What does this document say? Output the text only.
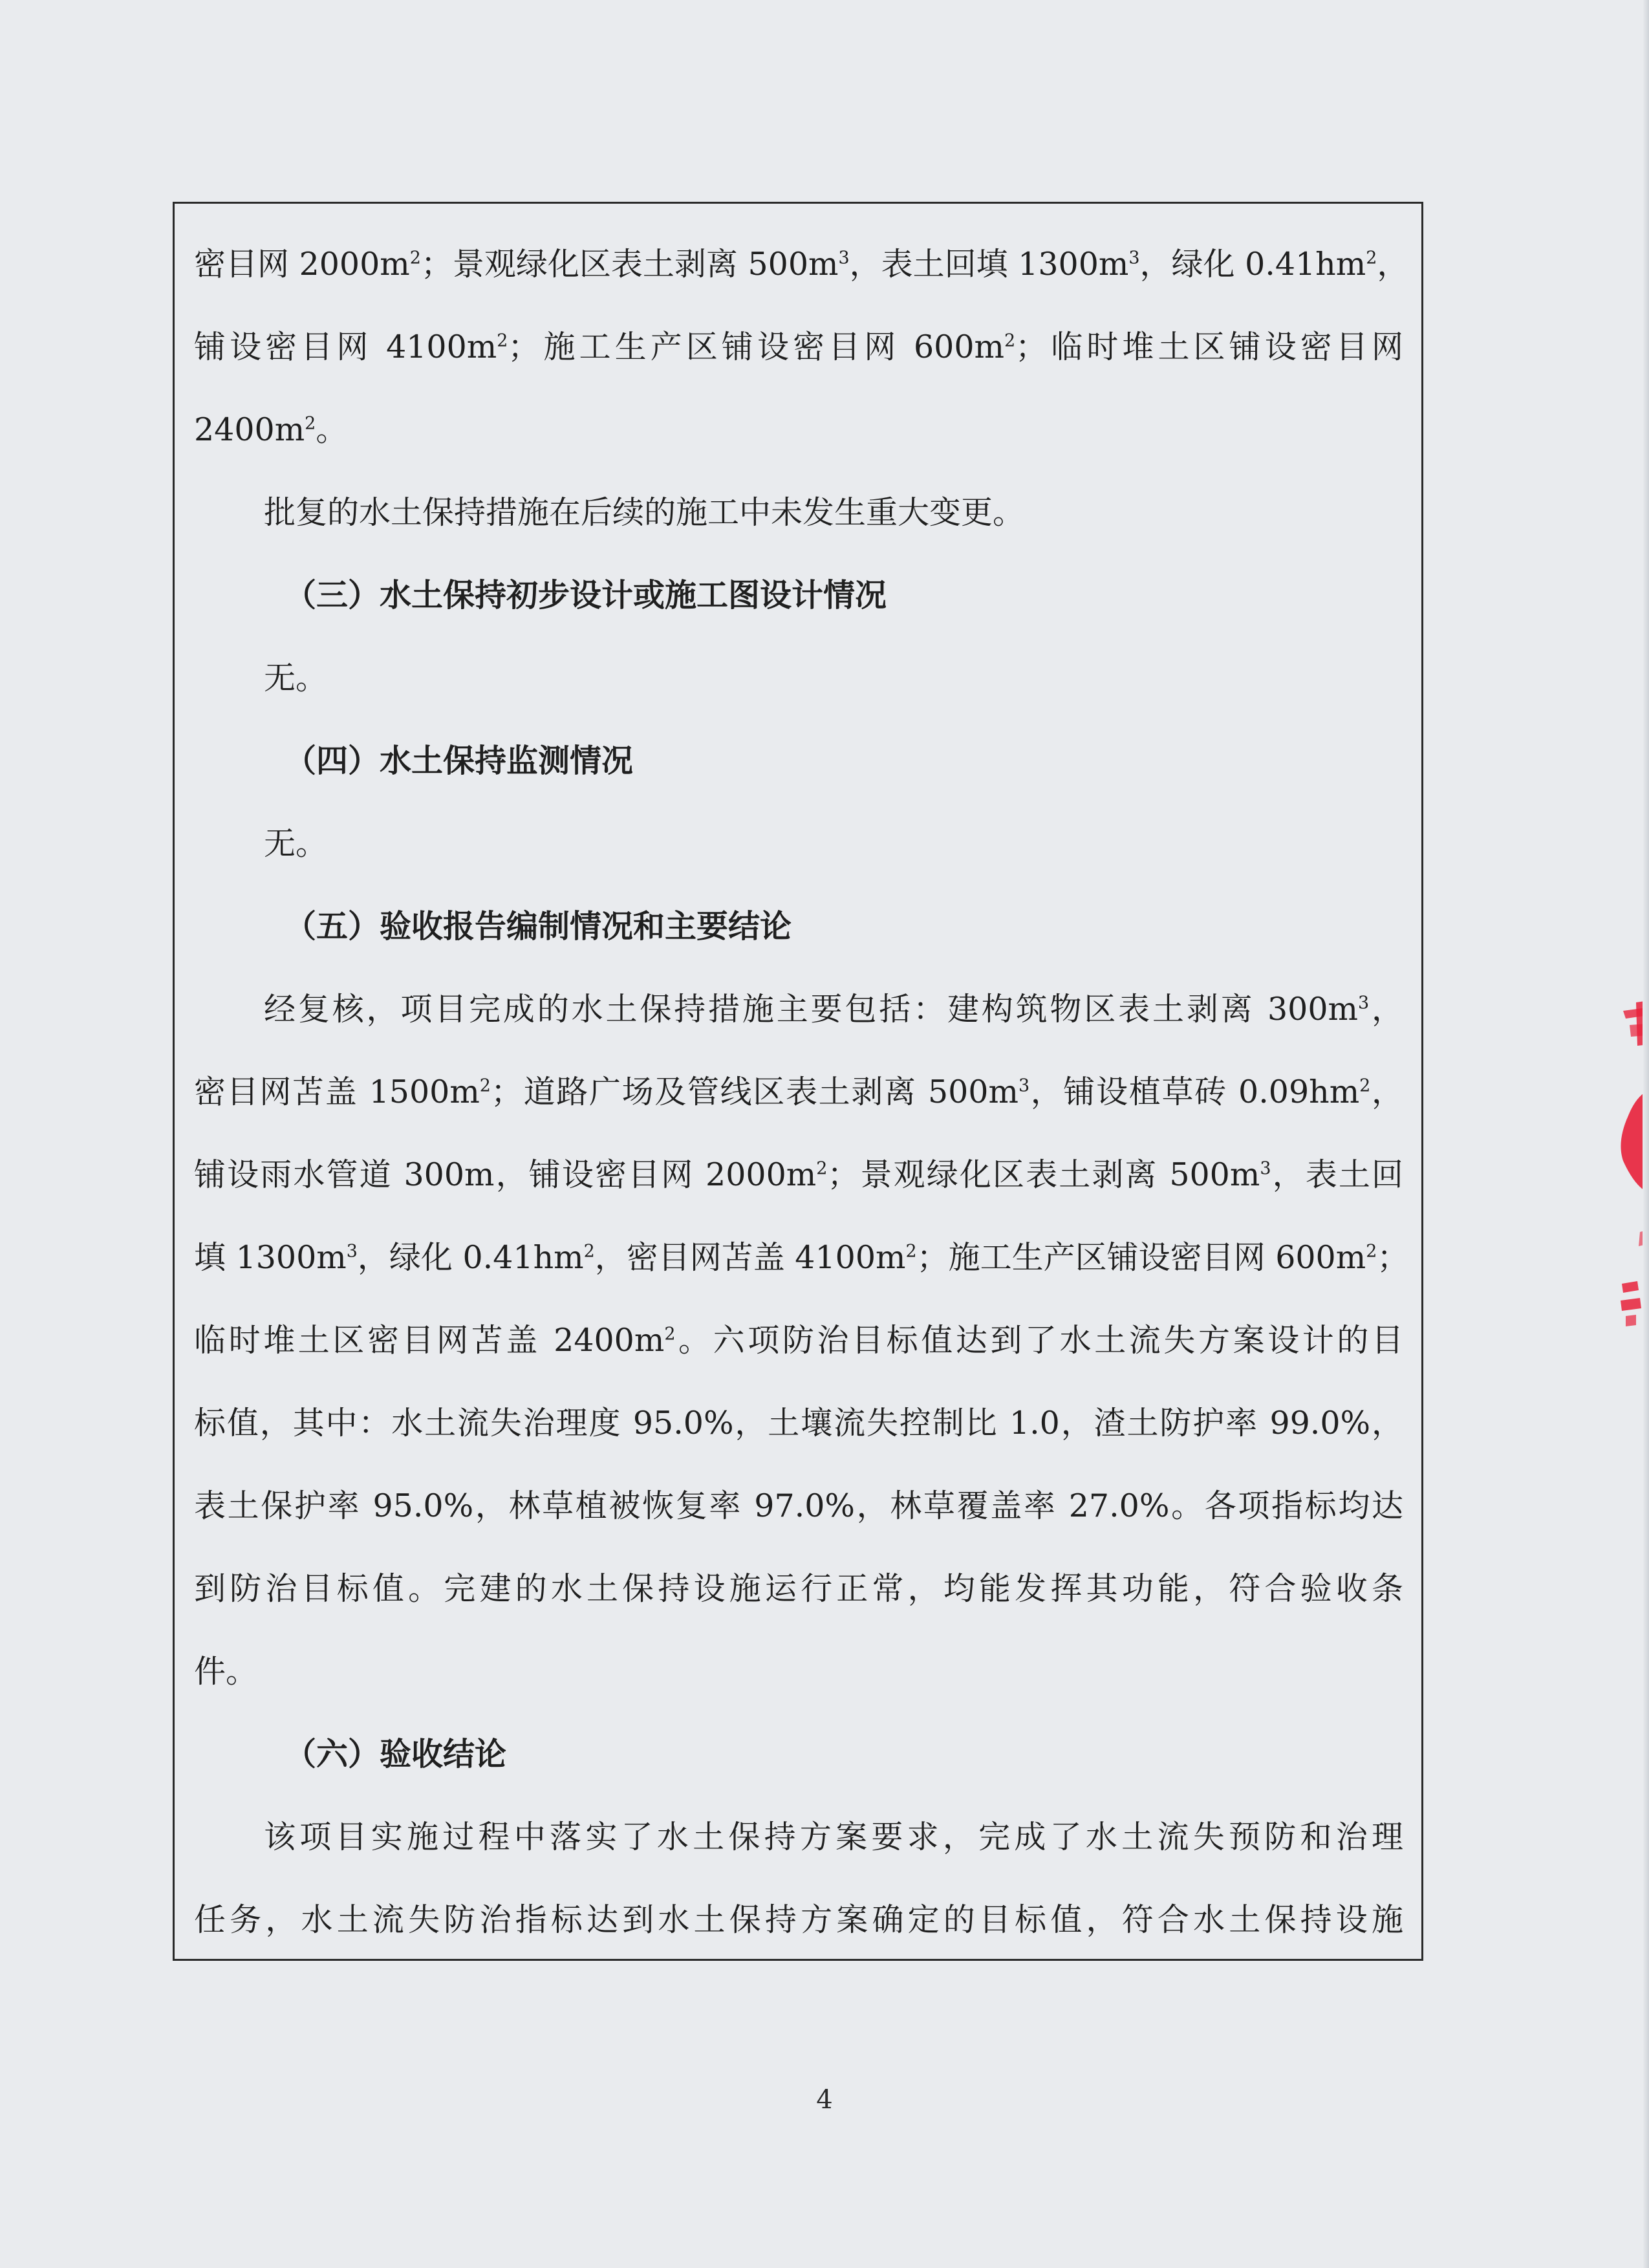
密目网 $2000m^2$；景观绿化区表土剥离 $500m^3$，表土回填 $1300m^3$，绿化 $0.41hm^2$，
铺设密目网 $4100m^2$；施工生产区铺设密目网 $600m^2$；临时堆土区铺设密目网
$2400m^2$。
批复的水土保持措施在后续的施工中未发生重大变更。
（三）水土保持初步设计或施工图设计情况
无。
（四）水土保持监测情况
无。
（五）验收报告编制情况和主要结论
经复核，项目完成的水土保持措施主要包括：建构筑物区表土剥离 $300m^3$，
密目网苫盖 $1500m^2$；道路广场及管线区表土剥离 $500m^3$，铺设植草砖 $0.09hm^2$，
铺设雨水管道 300m，铺设密目网 $2000m^2$；景观绿化区表土剥离 $500m^3$，表土回
填 $1300m^3$，绿化 $0.41hm^2$，密目网苫盖 $4100m^2$；施工生产区铺设密目网 $600m^2$；
临时堆土区密目网苫盖 $2400m^2$。六项防治目标值达到了水土流失方案设计的目
标值，其中：水土流失治理度 95.0%，土壤流失控制比 1.0，渣土防护率 99.0%，
表土保护率 95.0%，林草植被恢复率 97.0%，林草覆盖率 27.0%。各项指标均达
到防治目标值。完建的水土保持设施运行正常，均能发挥其功能，符合验收条
件。
（六）验收结论
该项目实施过程中落实了水土保持方案要求，完成了水土流失预防和治理
任务，水土流失防治指标达到水土保持方案确定的目标值，符合水土保持设施
4
